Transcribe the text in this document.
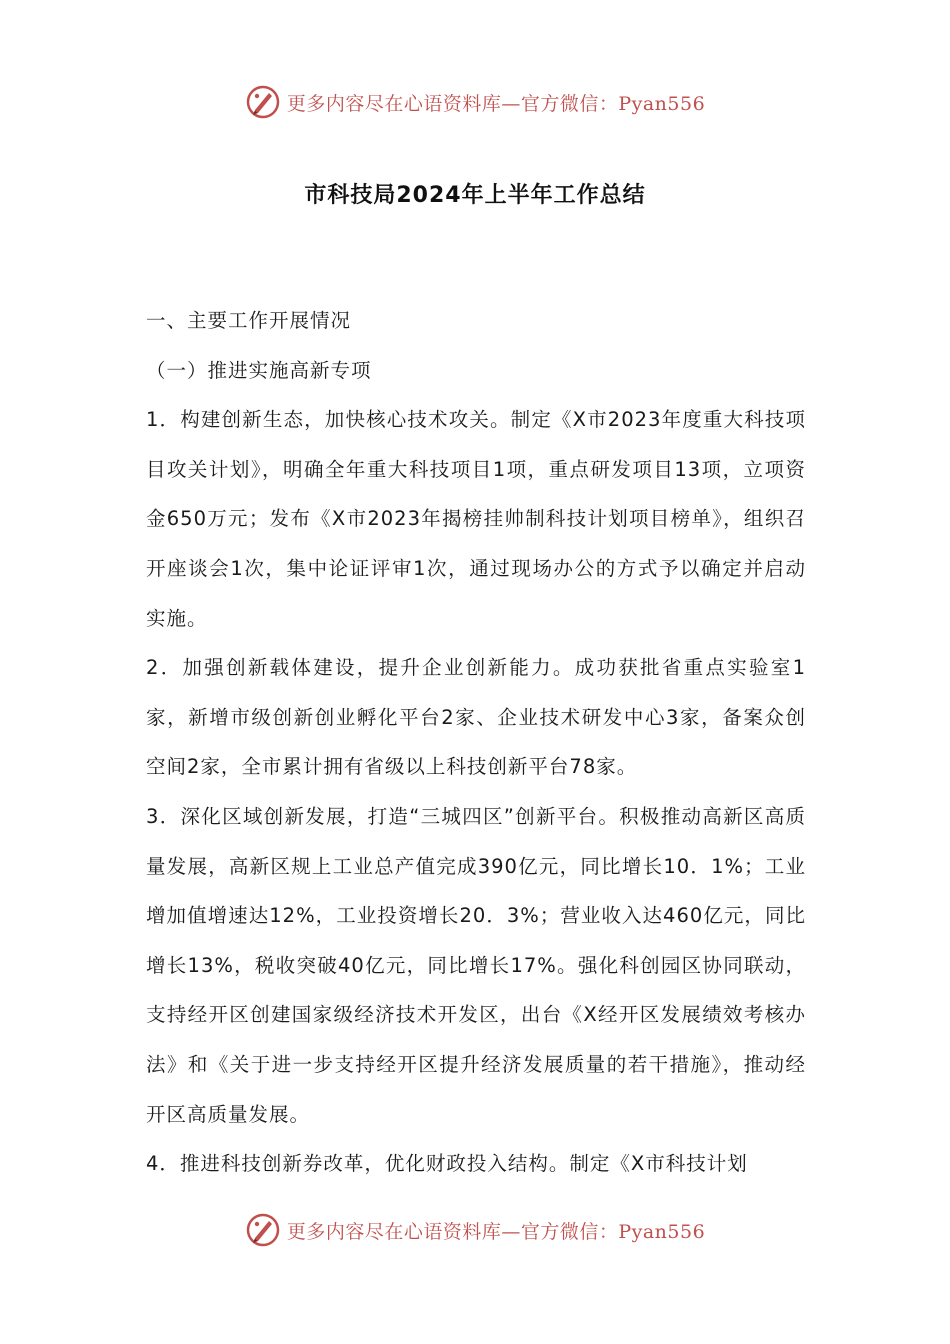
更多内容尽在心语资料库—官方微信：Pyan556
市科技局2024年上半年工作总结

一、主要工作开展情况

（一）推进实施高新专项

1．构建创新生态，加快核心技术攻关。制定《X市2023年度重大科技项目攻关计划》，明确全年重大科技项目1项，重点研发项目13项，立项资金650万元；发布《X市2023年揭榜挂帅制科技计划项目榜单》，组织召开座谈会1次，集中论证评审1次，通过现场办公的方式予以确定并启动实施。

2．加强创新载体建设，提升企业创新能力。成功获批省重点实验室1家，新增市级创新创业孵化平台2家、企业技术研发中心3家，备案众创空间2家，全市累计拥有省级以上科技创新平台78家。

3．深化区域创新发展，打造“三城四区”创新平台。积极推动高新区高质量发展，高新区规上工业总产值完成390亿元，同比增长10．1%；工业增加值增速达12%，工业投资增长20．3%；营业收入达460亿元，同比增长13%，税收突破40亿元，同比增长17%。强化科创园区协同联动，支持经开区创建国家级经济技术开发区，出台《X经开区发展绩效考核办法》和《关于进一步支持经开区提升经济发展质量的若干措施》，推动经开区高质量发展。

4．推进科技创新券改革，优化财政投入结构。制定《X市科技计划

更多内容尽在心语资料库—官方微信：Pyan556
